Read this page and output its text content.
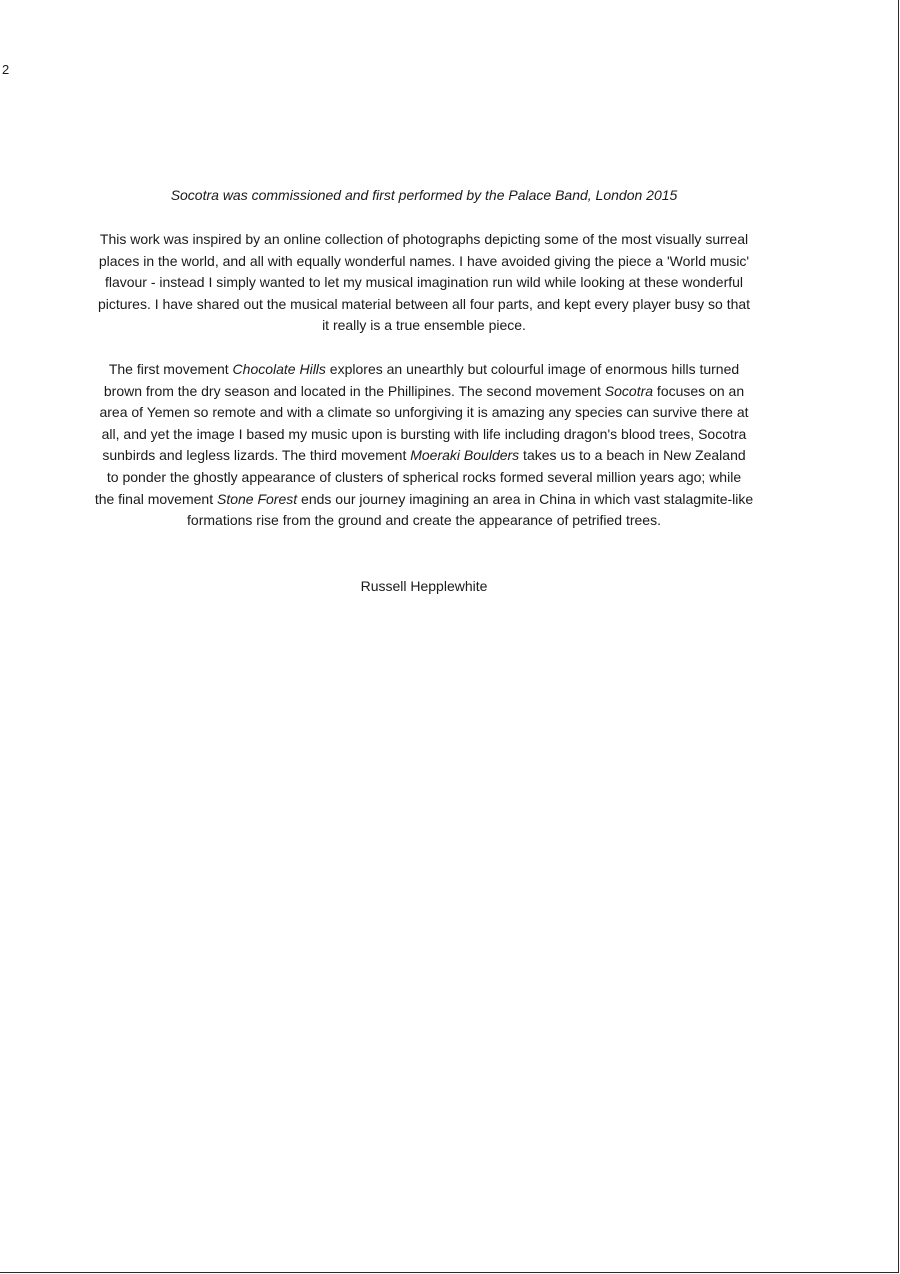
2

Socotra was commissioned and first performed by the Palace Band, London 2015

This work was inspired by an online collection of photographs depicting some of the most visually surreal
places in the world, and all with equally wonderful names. I have avoided giving the piece a 'World music'
flavour - instead I simply wanted to let my musical imagination run wild while looking at these wonderful
pictures. I have shared out the musical material between all four parts, and kept every player busy so that
it really is a true ensemble piece.

The first movement Chocolate Hills explores an unearthly but colourful image of enormous hills turned
brown from the dry season and located in the Phillipines. The second movement Socotra focuses on an
area of Yemen so remote and with a climate so unforgiving it is amazing any species can survive there at
all, and yet the image I based my music upon is bursting with life including dragon's blood trees, Socotra
sunbirds and legless lizards. The third movement Moeraki Boulders takes us to a beach in New Zealand
to ponder the ghostly appearance of clusters of spherical rocks formed several million years ago; while
the final movement Stone Forest ends our journey imagining an area in China in which vast stalagmite-like
formations rise from the ground and create the appearance of petrified trees.

Russell Hepplewhite
